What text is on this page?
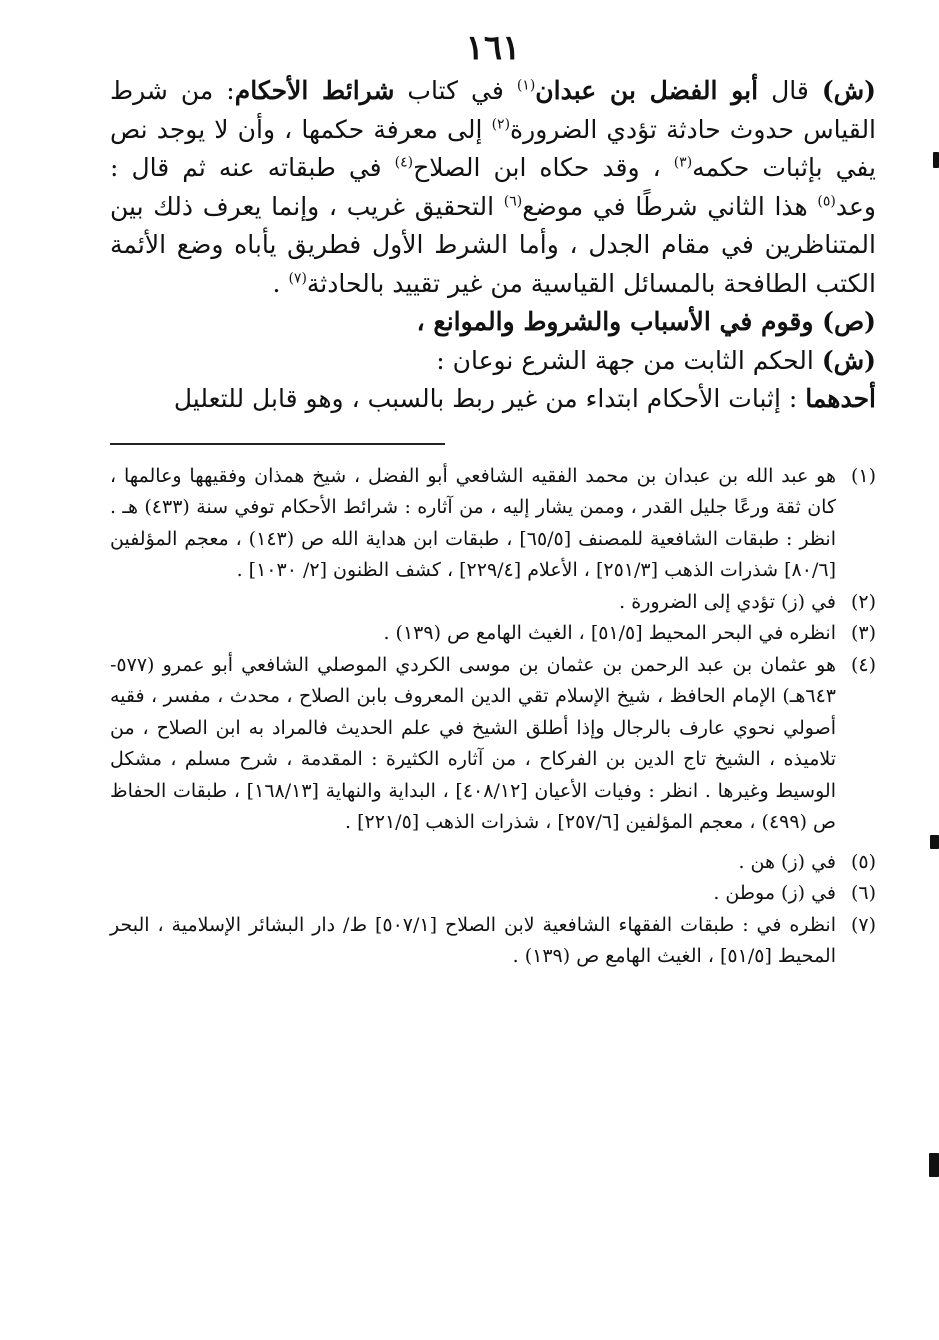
١٦١

(ش) قال أبو الفضل بن عبدان$^{(١)}$ في كتاب شرائط الأحكام: من شرط القياس حدوث حادثة تؤدي الضرورة$^{(٢)}$ إلى معرفة حكمها ، وأن لا يوجد نص يفي بإثبات حكمه$^{(٣)}$ ، وقد حكاه ابن الصلاح$^{(٤)}$ في طبقاته عنه ثم قال : وعد$^{(٥)}$ هذا الثاني شرطًا في موضع$^{(٦)}$ التحقيق غريب ، وإنما يعرف ذلك بين المتناظرين في مقام الجدل ، وأما الشرط الأول فطريق يأباه وضع الأئمة الكتب الطافحة بالمسائل القياسية من غير تقييد بالحادثة$^{(٧)}$ .

(ص) وقوم في الأسباب والشروط والموانع ،

(ش) الحكم الثابت من جهة الشرع نوعان :

أحدهما : إثبات الأحكام ابتداء من غير ربط بالسبب ، وهو قابل للتعليل

(١)
هو عبد الله بن عبدان بن محمد الفقيه الشافعي أبو الفضل ، شيخ همذان وفقيهها وعالمها ، كان ثقة ورعًا جليل القدر ، وممن يشار إليه ، من آثاره : شرائط الأحكام توفي سنة (٤٣٣) هـ . انظر : طبقات الشافعية للمصنف [٦٥/٥] ، طبقات ابن هداية الله ص (١٤٣) ، معجم المؤلفين [٨٠/٦] شذرات الذهب [٢٥١/٣] ، الأعلام [٢٢٩/٤] ، كشف الظنون [٢/ ١٠٣٠] .
(٢)
في (ز) تؤدي إلى الضرورة .
(٣)
انظره في البحر المحيط [٥١/٥] ، الغيث الهامع ص (١٣٩) .
(٤)
هو عثمان بن عبد الرحمن بن عثمان بن موسى الكردي الموصلي الشافعي أبو عمرو (٥٧٧- ٦٤٣هـ) الإمام الحافظ ، شيخ الإسلام تقي الدين المعروف بابن الصلاح ، محدث ، مفسر ، فقيه أصولي نحوي عارف بالرجال وإذا أطلق الشيخ في علم الحديث فالمراد به ابن الصلاح ، من تلاميذه ، الشيخ تاج الدين بن الفركاح ، من آثاره الكثيرة : المقدمة ، شرح مسلم ، مشكل الوسيط وغيرها . انظر : وفيات الأعيان [٤٠٨/١٢] ، البداية والنهاية [١٦٨/١٣] ، طبقات الحفاظ ص (٤٩٩) ، معجم المؤلفين [٢٥٧/٦] ، شذرات الذهب [٢٢١/٥] .
(٥)
في (ز) هن .
(٦)
في (ز) موطن .
(٧)
انظره في : طبقات الفقهاء الشافعية لابن الصلاح [٥٠٧/١] ط/ دار البشائر الإسلامية ، البحر المحيط [٥١/٥] ، الغيث الهامع ص (١٣٩) .
